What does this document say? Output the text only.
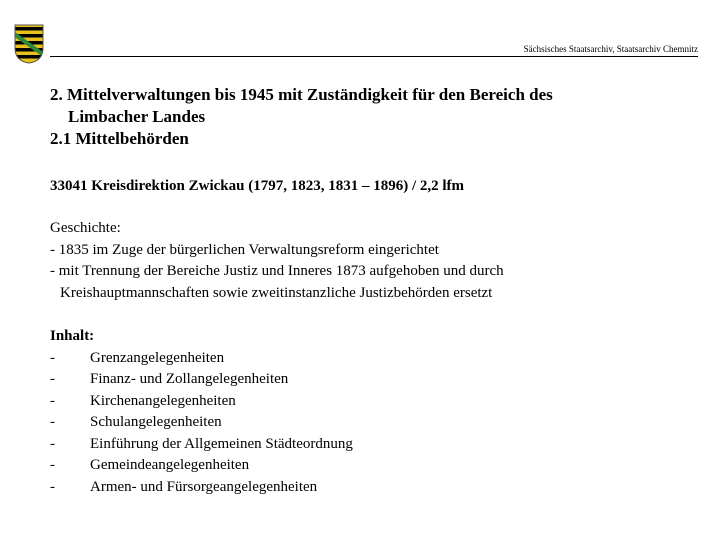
Sächsisches Staatsarchiv, Staatsarchiv Chemnitz
2. Mittelverwaltungen bis 1945 mit Zuständigkeit für den Bereich des
Limbacher Landes
2.1 Mittelbehörden
33041 Kreisdirektion Zwickau (1797, 1823, 1831 – 1896) / 2,2 lfm
Geschichte:
- 1835 im Zuge der bürgerlichen Verwaltungsreform eingerichtet
- mit Trennung der Bereiche Justiz und Inneres 1873 aufgehoben und durch
Kreishauptmannschaften sowie zweitinstanzliche Justizbehörden ersetzt
Inhalt:
-	Grenzangelegenheiten
-	Finanz- und Zollangelegenheiten
-	Kirchenangelegenheiten
-	Schulangelegenheiten
-	Einführung der Allgemeinen Städteordnung
-	Gemeindeangelegenheiten
-	Armen- und Fürsorgeangelegenheiten
